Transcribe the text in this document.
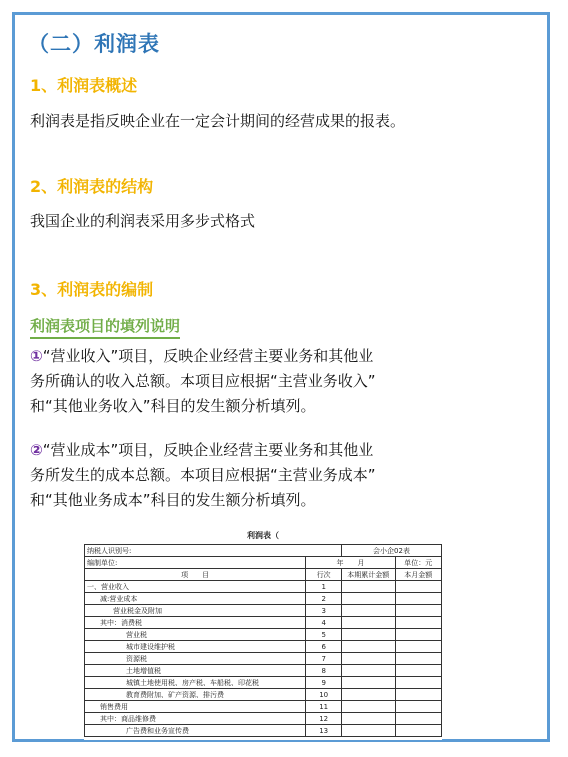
（二）利润表
1、利润表概述
利润表是指反映企业在一定会计期间的经营成果的报表。
2、利润表的结构
我国企业的利润表采用多步式格式
3、利润表的编制
利润表项目的填列说明
①“营业收入”项目，反映企业经营主要业务和其他业
务所确认的收入总额。本项目应根据“主营业务收入”
和“其他业务收入”科目的发生额分析填列。
②“营业成本”项目，反映企业经营主要业务和其他业
务所发生的成本总额。本项目应根据“主营业务成本”
和“其他业务成本”科目的发生额分析填列。
利润表（
纳税人识别号:		会小企02表	
编制单位:	年　　 月		单位：元
项　　目	行次	本期累计金额	本月金额
一、营业收入	1		
减:营业成本	2		
营业税金及附加	3		
其中：消费税	4		
营业税	5		
城市建设维护税	6		
资源税	7		
土地增值税	8		
城镇土地使用税、房产税、车船税、印花税	9		
教育费附加、矿产资源、排污费	10		
销售费用	11		
其中：商品维修费	12		
广告费和业务宣传费	13		
